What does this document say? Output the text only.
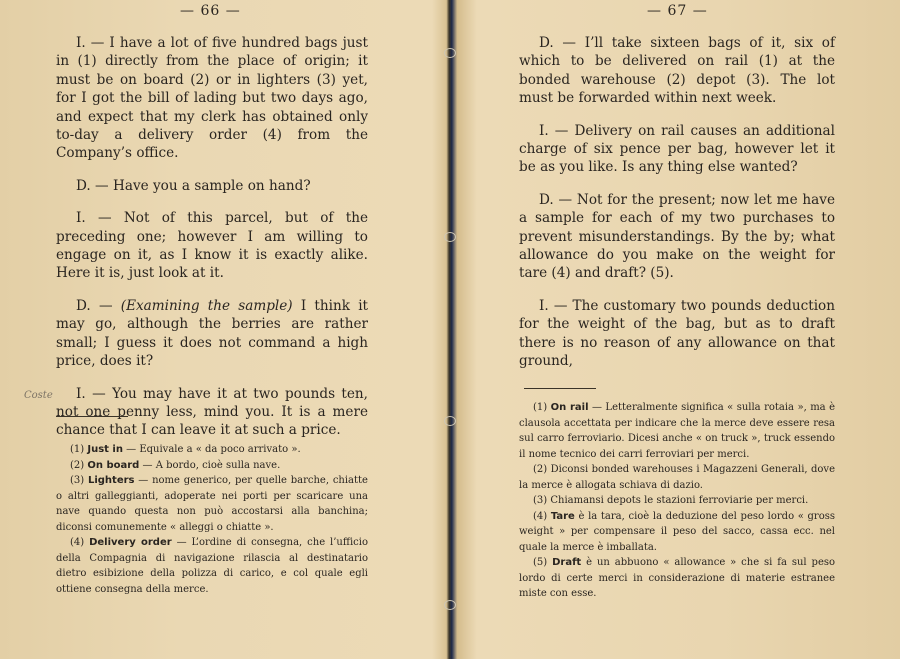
— 66 —

I. — I have a lot of five hundred bags just in (1) directly from the place of origin; it must be on board (2) or in lighters (3) yet, for I got the bill of lading but two days ago, and expect that my clerk has obtained only to-day a delivery order (4) from the Company’s office.

D. — Have you a sample on hand?

I. — Not of this parcel, but of the preceding one; however I am willing to engage on it, as I know it is exactly alike. Here it is, just look at it.

D. — (Examining the sample) I think it may go, although the berries are rather small; I guess it does not command a high price, does it?

I. — You may have it at two pounds ten, not one penny less, mind you. It is a mere chance that I can leave it at such a price.

Coste

(1) Just in — Equivale a « da poco arrivato ».

(2) On board — A bordo, cioè sulla nave.

(3) Lighters — nome generico, per quelle barche, chiatte o altri galleggianti, adoperate nei porti per scaricare una nave quando questa non può accostarsi alla banchina; diconsi comunemente « alleggi o chiatte ».

(4) Delivery order — L’ordine di consegna, che l’ufficio della Compagnia di navigazione rilascia al destinatario dietro esibizione della polizza di carico, e col quale egli ottiene consegna della merce.

— 67 —

D. — I’ll take sixteen bags of it, six of which to be delivered on rail (1) at the bonded warehouse (2) depot (3). The lot must be forwarded within next week.

I. — Delivery on rail causes an additional charge of six pence per bag, however let it be as you like. Is any thing else wanted?

D. — Not for the present; now let me have a sample for each of my two purchases to prevent misunderstandings. By the by; what allowance do you make on the weight for tare (4) and draft? (5).

I. — The customary two pounds deduction for the weight of the bag, but as to draft there is no reason of any allowance on that ground,

(1) On rail — Letteralmente significa « sulla rotaia », ma è clausola accettata per indicare che la merce deve essere resa sul carro ferroviario. Dicesi anche « on truck », truck essendo il nome tecnico dei carri ferroviari per merci.

(2) Diconsi bonded warehouses i Magazzeni Generali, dove la merce è allogata schiava di dazio.

(3) Chiamansi depots le stazioni ferroviarie per merci.

(4) Tare è la tara, cioè la deduzione del peso lordo « gross weight » per compensare il peso del sacco, cassa ecc. nel quale la merce è imballata.

(5) Draft è un abbuono « allowance » che si fa sul peso lordo di certe merci in considerazione di materie estranee miste con esse.
